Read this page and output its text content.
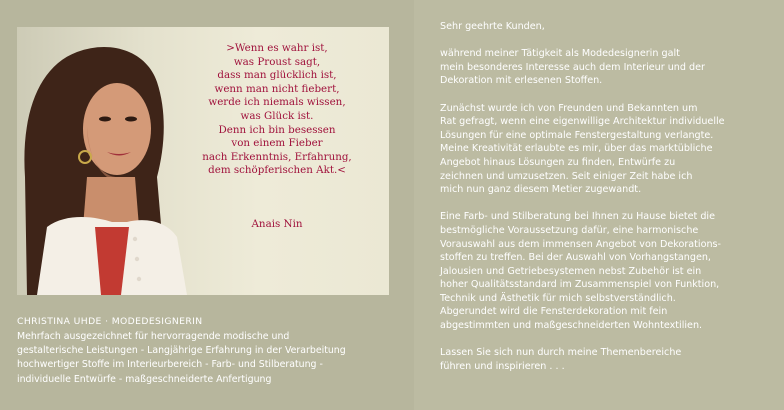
>Wenn es wahr ist,
was Proust sagt,
dass man glücklich ist,
wenn man nicht fiebert,
werde ich niemals wissen,
was Glück ist.
Denn ich bin besessen
von einem Fieber
nach Erkenntnis, Erfahrung,
dem schöpferischen Akt.<
Anais Nin
CHRISTINA UHDE · MODEDESIGNERIN
Mehrfach ausgezeichnet für hervorragende modische und
gestalterische Leistungen - Langjährige Erfahrung in der Verarbeitung
hochwertiger Stoffe im Interieurbereich - Farb- und Stilberatung -
individuelle Entwürfe - maßgeschneiderte Anfertigung
Sehr geehrte Kunden,
während meiner Tätigkeit als Modedesignerin galt
mein besonderes Interesse auch dem Interieur und der
Dekoration mit erlesenen Stoffen.
Zunächst wurde ich von Freunden und Bekannten um
Rat gefragt, wenn eine eigenwillige Architektur individuelle
Lösungen für eine optimale Fenstergestaltung verlangte.
Meine Kreativität erlaubte es mir, über das marktübliche
Angebot hinaus Lösungen zu finden, Entwürfe zu
zeichnen und umzusetzen. Seit einiger Zeit habe ich
mich nun ganz diesem Metier zugewandt.
Eine Farb- und Stilberatung bei Ihnen zu Hause bietet die
bestmögliche Voraussetzung dafür, eine harmonische
Vorauswahl aus dem immensen Angebot von Dekorations-
stoffen zu treffen. Bei der Auswahl von Vorhangstangen,
Jalousien und Getriebesystemen nebst Zubehör ist ein
hoher Qualitätsstandard im Zusammenspiel von Funktion,
Technik und Ästhetik für mich selbstverständlich.
Abgerundet wird die Fensterdekoration mit fein
abgestimmten und maßgeschneiderten Wohntextilien.
Lassen Sie sich nun durch meine Themenbereiche
führen und inspirieren . . .
